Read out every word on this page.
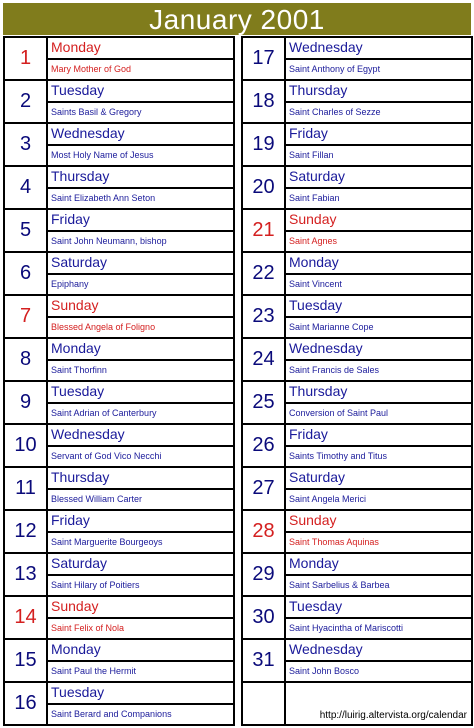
January 2001
1	Monday
Mary Mother of God
2	Tuesday
Saints Basil & Gregory
3	Wednesday
Most Holy Name of Jesus
4	Thursday
Saint Elizabeth Ann Seton
5	Friday
Saint John Neumann, bishop
6	Saturday
Epiphany
7	Sunday
Blessed Angela of Foligno
8	Monday
Saint Thorfinn
9	Tuesday
Saint Adrian of Canterbury
10	Wednesday
Servant of God Vico Necchi
11	Thursday
Blessed William Carter
12	Friday
Saint Marguerite Bourgeoys
13	Saturday
Saint Hilary of Poitiers
14	Sunday
Saint Felix of Nola
15	Monday
Saint Paul the Hermit
16	Tuesday
Saint Berard and Companions
17	Wednesday
Saint Anthony of Egypt
18	Thursday
Saint Charles of Sezze
19	Friday
Saint Fillan
20	Saturday
Saint Fabian
21	Sunday
Saint Agnes
22	Monday
Saint Vincent
23	Tuesday
Saint Marianne Cope
24	Wednesday
Saint Francis de Sales
25	Thursday
Conversion of Saint Paul
26	Friday
Saints Timothy and Titus
27	Saturday
Saint Angela Merici
28	Sunday
Saint Thomas Aquinas
29	Monday
Saint Sarbelius & Barbea
30	Tuesday
Saint Hyacintha of Mariscotti
31	Wednesday
Saint John Bosco
http://luirig.altervista.org/calendar
